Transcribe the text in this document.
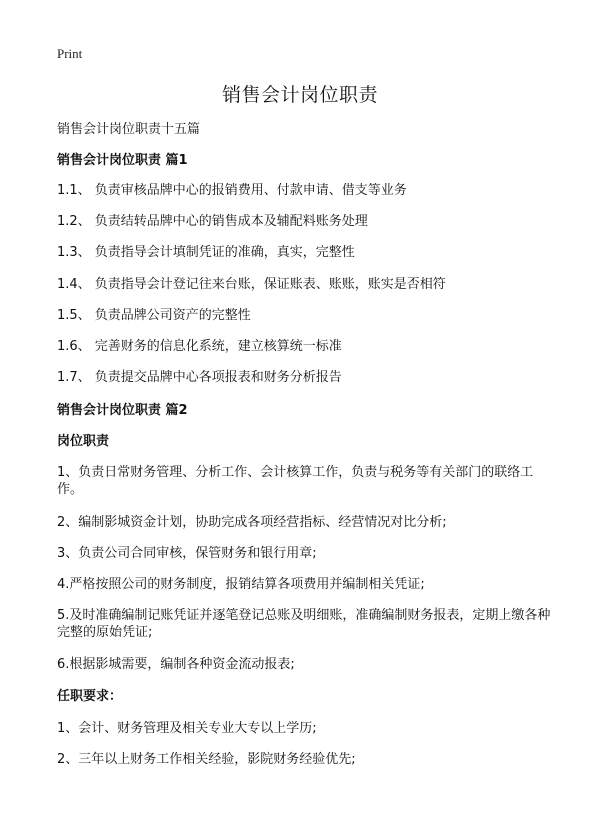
Print
销售会计岗位职责
销售会计岗位职责十五篇
销售会计岗位职责 篇1
1.1、 负责审核品牌中心的报销费用、付款申请、借支等业务
1.2、 负责结转品牌中心的销售成本及辅配料账务处理
1.3、 负责指导会计填制凭证的准确，真实，完整性
1.4、 负责指导会计登记往来台账，保证账表、账账，账实是否相符
1.5、 负责品牌公司资产的完整性
1.6、 完善财务的信息化系统，建立核算统一标准
1.7、 负责提交品牌中心各项报表和财务分析报告
销售会计岗位职责 篇2
岗位职责
1、负责日常财务管理、分析工作、会计核算工作，负责与税务等有关部门的联络工作。
2、编制影城资金计划，协助完成各项经营指标、经营情况对比分析;
3、负责公司合同审核，保管财务和银行用章;
4.严格按照公司的财务制度，报销结算各项费用并编制相关凭证;
5.及时准确编制记账凭证并逐笔登记总账及明细账，准确编制财务报表，定期上缴各种完整的原始凭证;
6.根据影城需要，编制各种资金流动报表;
任职要求：
1、会计、财务管理及相关专业大专以上学历;
2、三年以上财务工作相关经验，影院财务经验优先;
